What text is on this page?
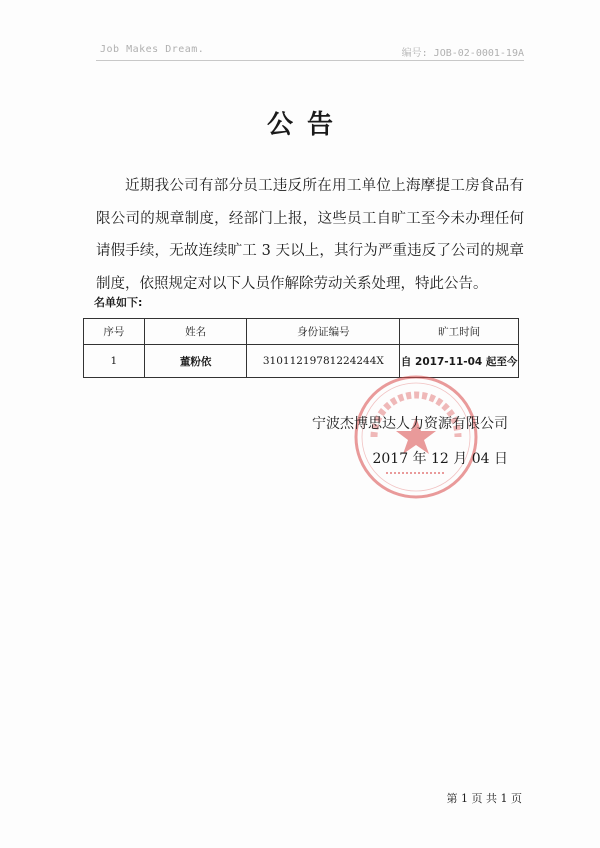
Job Makes Dream.	编号: JOB-02-0001-19A
公告

近期我公司有部分员工违反所在用工单位上海摩提工房食品有限公司的规章制度，经部门上报，这些员工自旷工至今未办理任何请假手续，无故连续旷工 3 天以上，其行为严重违反了公司的规章制度，依照规定对以下人员作解除劳动关系处理，特此公告。

名单如下:
序号	姓名	身份证编号	旷工时间
1	董粉依	31011219781224244X	自 2017-11-04 起至今
宁波杰博思达人力资源有限公司
2017 年 12 月 04 日
第 1 页 共 1 页
